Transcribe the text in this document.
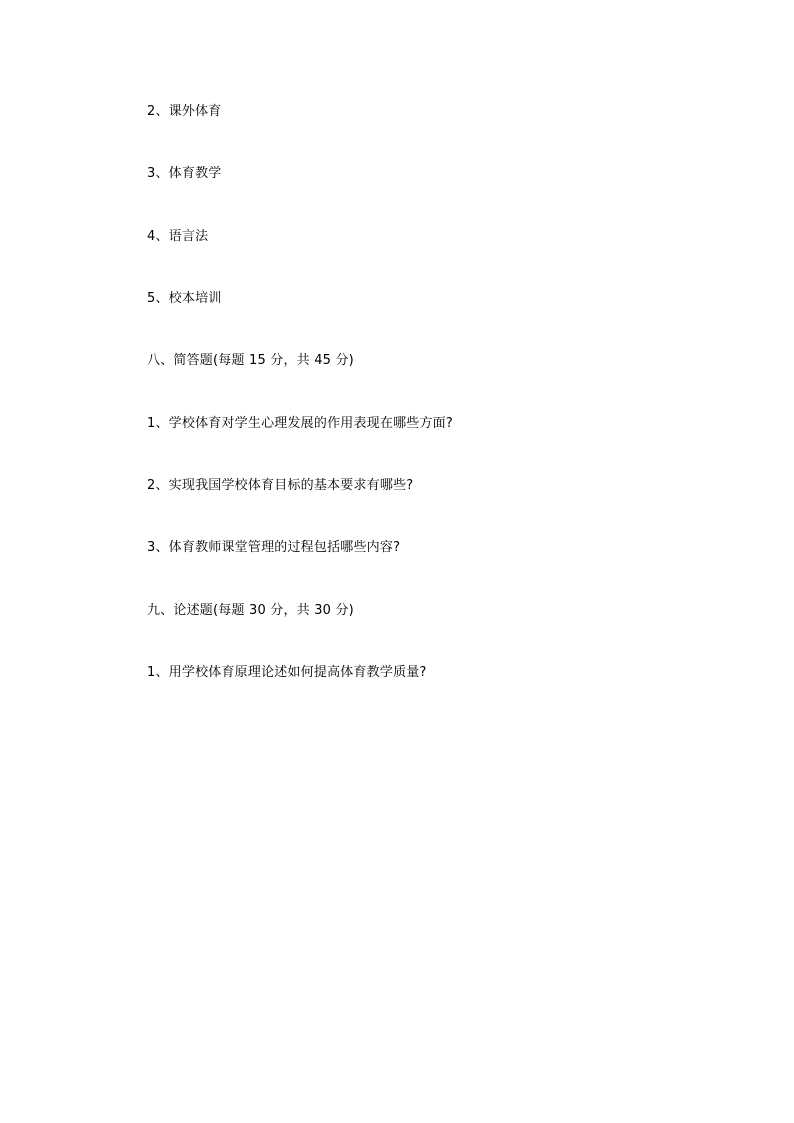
2、课外体育
3、体育教学
4、语言法
5、校本培训
八、简答题(每题 15 分，共 45 分)
1、学校体育对学生心理发展的作用表现在哪些方面?
2、实现我国学校体育目标的基本要求有哪些?
3、体育教师课堂管理的过程包括哪些内容?
九、论述题(每题 30 分，共 30 分)
1、用学校体育原理论述如何提高体育教学质量?
